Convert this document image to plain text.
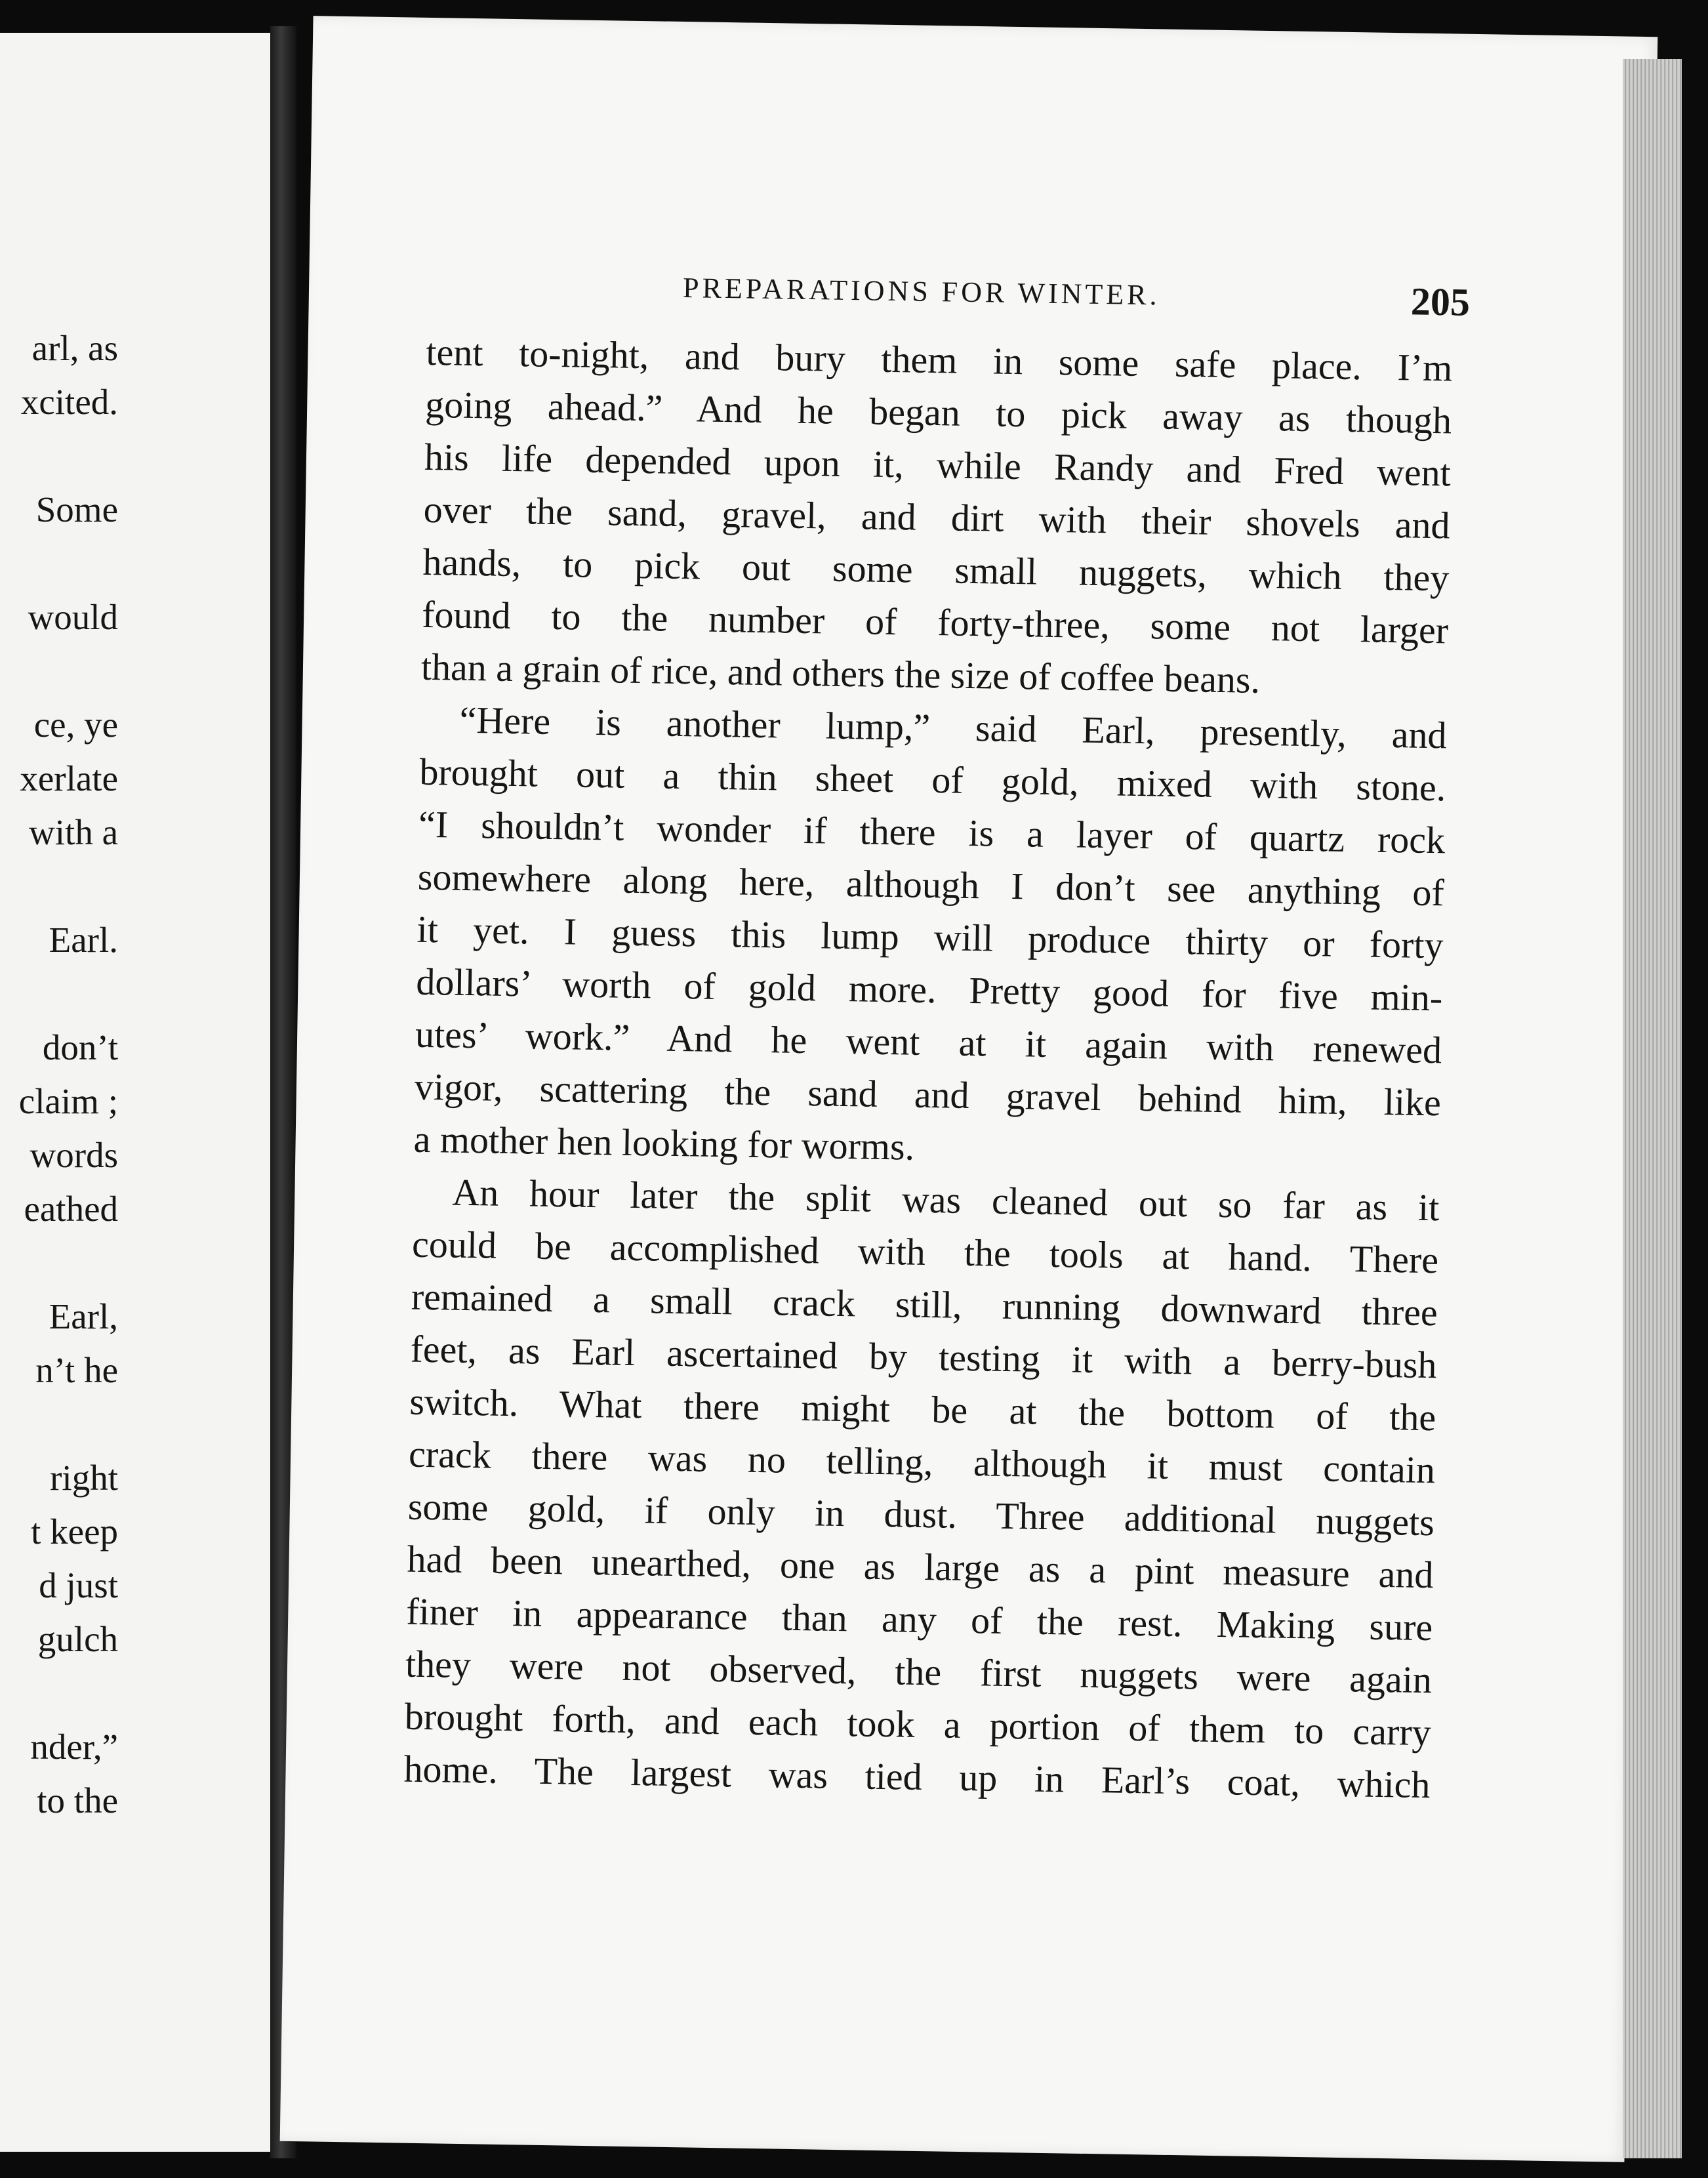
arl, as
xcited.
Some
would
ce, ye
xerlate
with a
Earl.
don’t
claim ;
words
eathed
Earl,
n’t he
right
t keep
d just
gulch
nder,”
to the
PREPARATIONS FOR WINTER.	205
tent to-night, and bury them in some safe place. I’m
going ahead.” And he began to pick away as though
his life depended upon it, while Randy and Fred went
over the sand, gravel, and dirt with their shovels and
hands, to pick out some small nuggets, which they
found to the number of forty-three, some not larger
than a grain of rice, and others the size of coffee beans.
“Here is another lump,” said Earl, presently, and
brought out a thin sheet of gold, mixed with stone.
“I shouldn’t wonder if there is a layer of quartz rock
somewhere along here, although I don’t see anything of
it yet. I guess this lump will produce thirty or forty
dollars’ worth of gold more. Pretty good for five min-
utes’ work.” And he went at it again with renewed
vigor, scattering the sand and gravel behind him, like
a mother hen looking for worms.
An hour later the split was cleaned out so far as it
could be accomplished with the tools at hand. There
remained a small crack still, running downward three
feet, as Earl ascertained by testing it with a berry-bush
switch. What there might be at the bottom of the
crack there was no telling, although it must contain
some gold, if only in dust. Three additional nuggets
had been unearthed, one as large as a pint measure and
finer in appearance than any of the rest. Making sure
they were not observed, the first nuggets were again
brought forth, and each took a portion of them to carry
home. The largest was tied up in Earl’s coat, which
